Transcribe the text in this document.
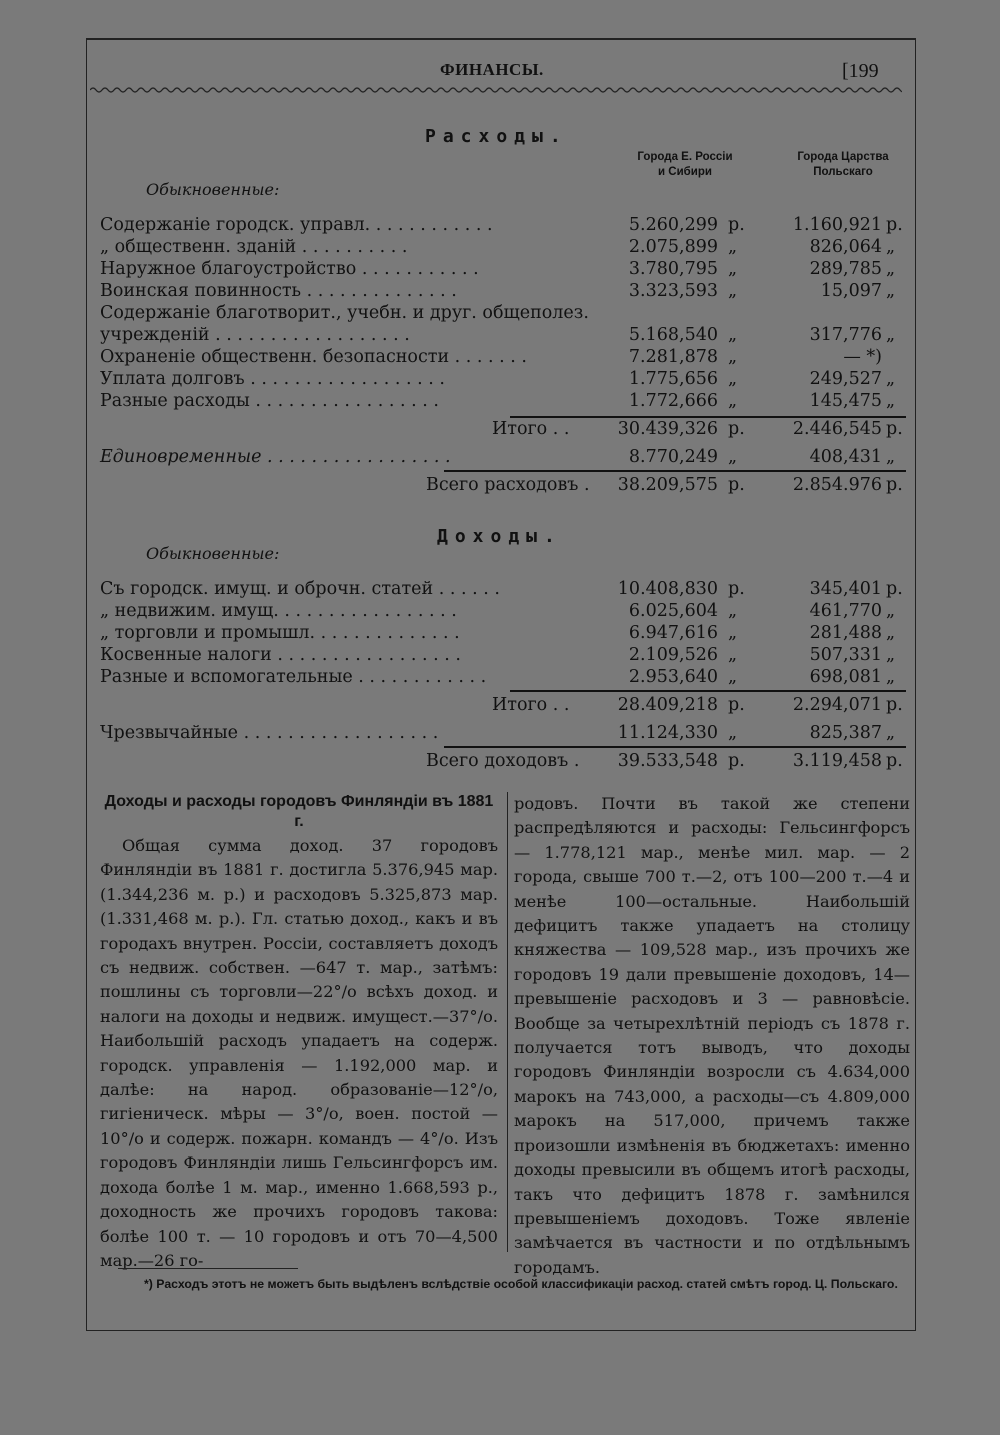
ФИНАНСЫ.	[199
Расходы.
Города Е. Россіи
и Сибири
Города Царства
Польскаго
Обыкновенные:
Содержаніе городск. управл. . . . . . . . . . . .	5.260,299 р.	1.160,921 р.
„ общественн. зданій . . . . . . . . . .	2.075,899 „	826,064 „
Наружное благоустройство . . . . . . . . . . .	3.780,795 „	289,785 „
Воинская повинность . . . . . . . . . . . . . .	3.323,593 „	15,097 „
Содержаніе благотворит., учебн. и друг. общеполез.
учрежденій . . . . . . . . . . . . . . . . . .	5.168,540 „	317,776 „
Охраненіе общественн. безопасности . . . . . . .	7.281,878 „	— *)
Уплата долговъ . . . . . . . . . . . . . . . . . .	1.775,656 „	249,527 „
Разные расходы . . . . . . . . . . . . . . . . .	1.772,666 „	145,475 „
Итого . .	30.439,326 р.	2.446,545 р.
Единовременные . . . . . . . . . . . . . . . . .	8.770,249 „	408,431 „
Всего расходовъ .	38.209,575 р.	2.854.976 р.
Доходы.
Обыкновенные:
Съ городск. имущ. и оброчн. статей . . . . . .	10.408,830 р.	345,401 р.
„ недвижим. имущ. . . . . . . . . . . . . . . . .	6.025,604 „	461,770 „
„ торговли и промышл. . . . . . . . . . . . . .	6.947,616 „	281,488 „
Косвенные налоги . . . . . . . . . . . . . . . . .	2.109,526 „	507,331 „
Разные и вспомогательные . . . . . . . . . . . .	2.953,640 „	698,081 „
Итого . .	28.409,218 р.	2.294,071 р.
Чрезвычайные . . . . . . . . . . . . . . . . . .	11.124,330 „	825,387 „
Всего доходовъ .	39.533,548 р.	3.119,458 р.

Доходы и расходы городовъ Финляндіи въ 1881 г.

Общая сумма доход. 37 городовъ Финляндіи въ 1881 г. достигла 5.376,945 мар. (1.344,236 м. р.) и расходовъ 5.325,873 мар. (1.331,468 м. р.). Гл. статью доход., какъ и въ городахъ внутрен. Россіи, составляетъ доходъ съ недвиж. собствен. —647 т. мар., затѣмъ: пошлины съ торговли—22°/о всѣхъ доход. и налоги на доходы и недвиж. имущест.—37°/о. Наибольшій расходъ упадаетъ на содерж. городск. управленія — 1.192,000 мар. и далѣе: на народ. образованіе—12°/о, гигіеническ. мѣры — 3°/о, воен. постой — 10°/о и содерж. пожарн. командъ — 4°/о. Изъ городовъ Финляндіи лишь Гельсингфорсъ им. дохода болѣе 1 м. мар., именно 1.668,593 р., доходность же прочихъ городовъ такова: болѣе 100 т. — 10 городовъ и отъ 70—4,500 мар.—26 го-

родовъ. Почти въ такой же степени распредѣляются и расходы: Гельсингфорсъ — 1.778,121 мар., менѣе мил. мар. — 2 города, свыше 700 т.—2, отъ 100—200 т.—4 и менѣе 100—остальные. Наибольшій дефицитъ также упадаетъ на столицу княжества — 109,528 мар., изъ прочихъ же городовъ 19 дали превышеніе доходовъ, 14— превышеніе расходовъ и 3 — равновѣсіе. Вообще за четырехлѣтній періодъ съ 1878 г. получается тотъ выводъ, что доходы городовъ Финляндіи возросли съ 4.634,000 марокъ на 743,000, а расходы—съ 4.809,000 марокъ на 517,000, причемъ также произошли измѣненія въ бюджетахъ: именно доходы превысили въ общемъ итогѣ расходы, такъ что дефицитъ 1878 г. замѣнился превышеніемъ доходовъ. Тоже явленіе замѣчается въ частности и по отдѣльнымъ городамъ.

*) Расходъ этотъ не можетъ быть выдѣленъ вслѣдствіе особой классификаціи расход. статей смѣтъ город. Ц. Польскаго.
